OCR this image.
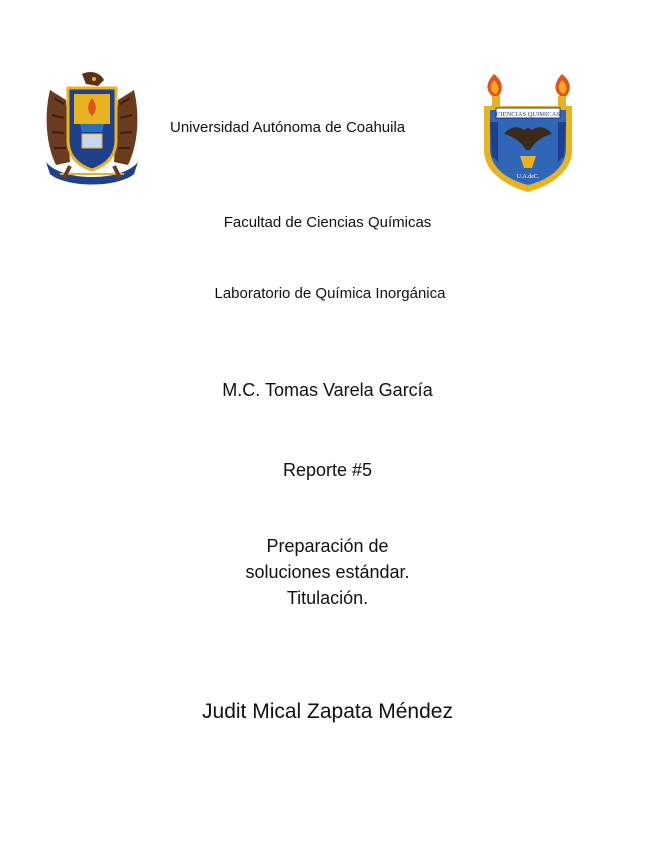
CIENCIAS QUIMICAS
U.A.deC.
Universidad Autónoma de Coahuila
Facultad de Ciencias Químicas
Laboratorio de Química Inorgánica
M.C. Tomas Varela García
Reporte #5
Preparación de
soluciones estándar.
Titulación.
Judit Mical Zapata Méndez
